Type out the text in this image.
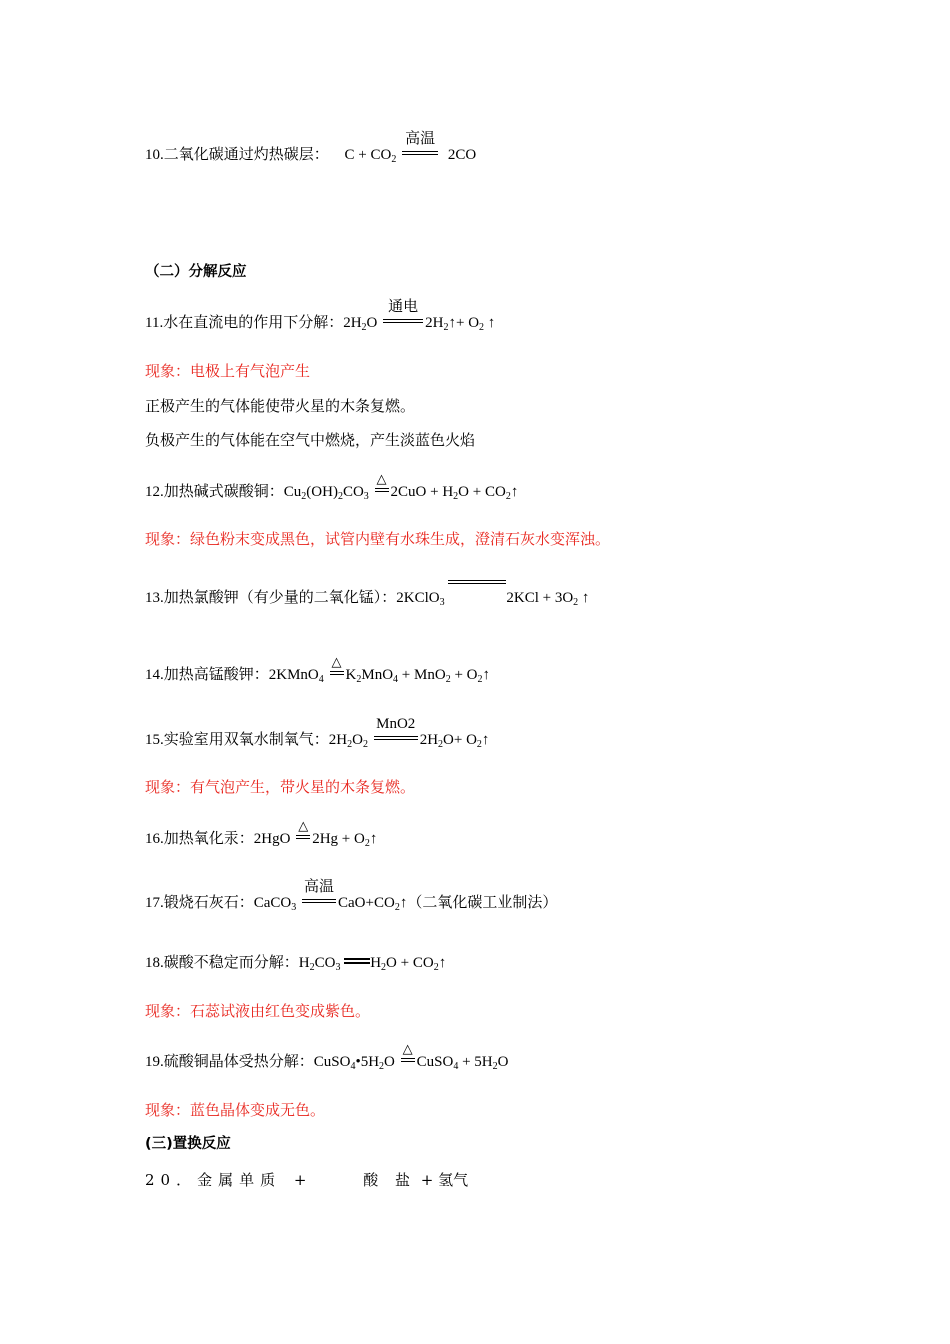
10.二氧化碳通过灼热碳层： $C + CO_2$
高温
2CO
（二）分解反应
11.水在直流电的作用下分解：$2H_2O$
通电
$2H_2↑+ O_2$ ↑
现象：电极上有气泡产生
正极产生的气体能使带火星的木条复燃。
负极产生的气体能在空气中燃烧，产生淡蓝色火焰
12.加热碱式碳酸铜：$Cu_2(OH)_2CO_3$
△
$2CuO + H_2O$ + $CO_2↑$
现象：绿色粉末变成黑色，试管内壁有水珠生成，澄清石灰水变浑浊。
13.加热氯酸钾（有少量的二氧化锰）：2KClO$_3$	$2KCl + 3O_2$ ↑
14.加热高锰酸钾：2KMnO$_4$
△
$K_2MnO_4 + MnO_2$ + $O_2↑$
15.实验室用双氧水制氧气：$2H_2O_2$
MnO2
$2H_2O+$ $O_2↑$
现象：有气泡产生，带火星的木条复燃。
16.加热氧化汞：2HgO
△
$2Hg + O_2↑$
17.锻烧石灰石：CaCO$_3$
高温
$CaO+CO_2↑$（二氧化碳工业制法）
18.碳酸不稳定而分解：$H_2CO_3$ $H_2O$ + $CO_2↑$
现象：石蕊试液由红色变成紫色。
19.硫酸铜晶体受热分解：$CuSO_4•5H_2O$
△
CuSO$_4$ + $5H_2O$
现象：蓝色晶体变成无色。
(三)置换反应
20．金属单质 +	酸 盐 + 氢气
